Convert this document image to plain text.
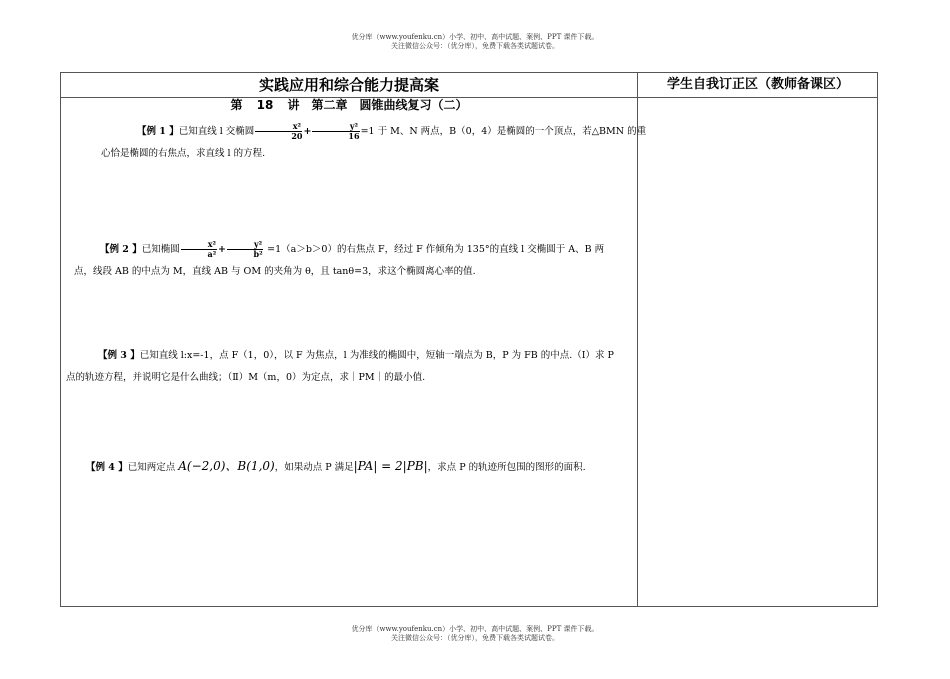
优分库（www.youfenku.cn）小学、初中、高中试题、案例、PPT 课件下载。
关注微信公众号：（优分库），免费下载各类试题试卷。
实践应用和综合能力提高案	学生自我订正区（教师备课区）
第 18 讲　第二章　圆锥曲线复习（二）
【例 1 】已知直线 l 交椭圆 $\frac{\text{x²}}{20} + \frac{\text{y²}}{16} =1$ 于 M、N 两点，B（0，4）是椭圆的一个顶点，若△BMN 的重心恰是椭圆的右焦点，求直线 l 的方程.
【例 2 】已知椭圆 $\frac{\text{x²}}{\text{a²}} + \frac{\text{y²}}{\text{b²}} =1(a>b>0)$的右焦点 F，经过 F 作倾角为 135°的直线 l 交椭圆于 A、B 两点，线段 AB 的中点为 M，直线 AB 与 OM 的夹角为 θ，且 tanθ=3，求这个椭圆离心率的值.
【例 3 】已知直线 l:x=-1，点 F（1，0），以 F 为焦点，l 为准线的椭圆中，短轴一端点为 B，P 为 FB 的中点.（Ⅰ）求 P 点的轨迹方程，并说明它是什么曲线；（Ⅱ）M（m，0）为定点，求｜PM｜的最小值.
【例 4 】已知两定点 A(−2,0)、B(1,0)，如果动点 P 满足|PA| = 2|PB|，求点 P 的轨迹所包围的图形的面积.
优分库（www.youfenku.cn）小学、初中、高中试题、案例、PPT 课件下载。
关注微信公众号：（优分库），免费下载各类试题试卷。
